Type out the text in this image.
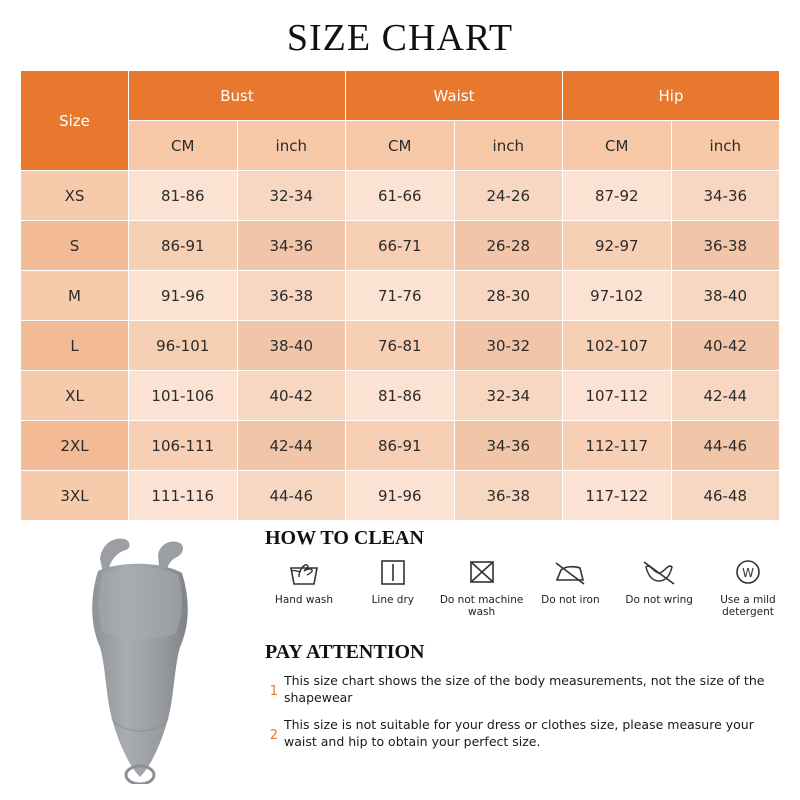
SIZE CHART
Size	Bust		Waist		Hip	
	CM	inch	CM	inch	CM	inch
XS	81-86	32-34	61-66	24-26	87-92	34-36
S	86-91	34-36	66-71	26-28	92-97	36-38
M	91-96	36-38	71-76	28-30	97-102	38-40
L	96-101	38-40	76-81	30-32	102-107	40-42
XL	101-106	40-42	81-86	32-34	107-112	42-44
2XL	106-111	42-44	86-91	34-36	112-117	44-46
3XL	111-116	44-46	91-96	36-38	117-122	46-48
HOW TO CLEAN
Hand wash	Line dry	Do not machine wash
Do not iron	Do not wring
W
Use a mild detergent
PAY ATTENTION
1
This size chart shows the size of the body measurements, not the size of the shapewear
2
This size is not suitable for your dress or clothes size, please measure your waist and hip to obtain your perfect size.
